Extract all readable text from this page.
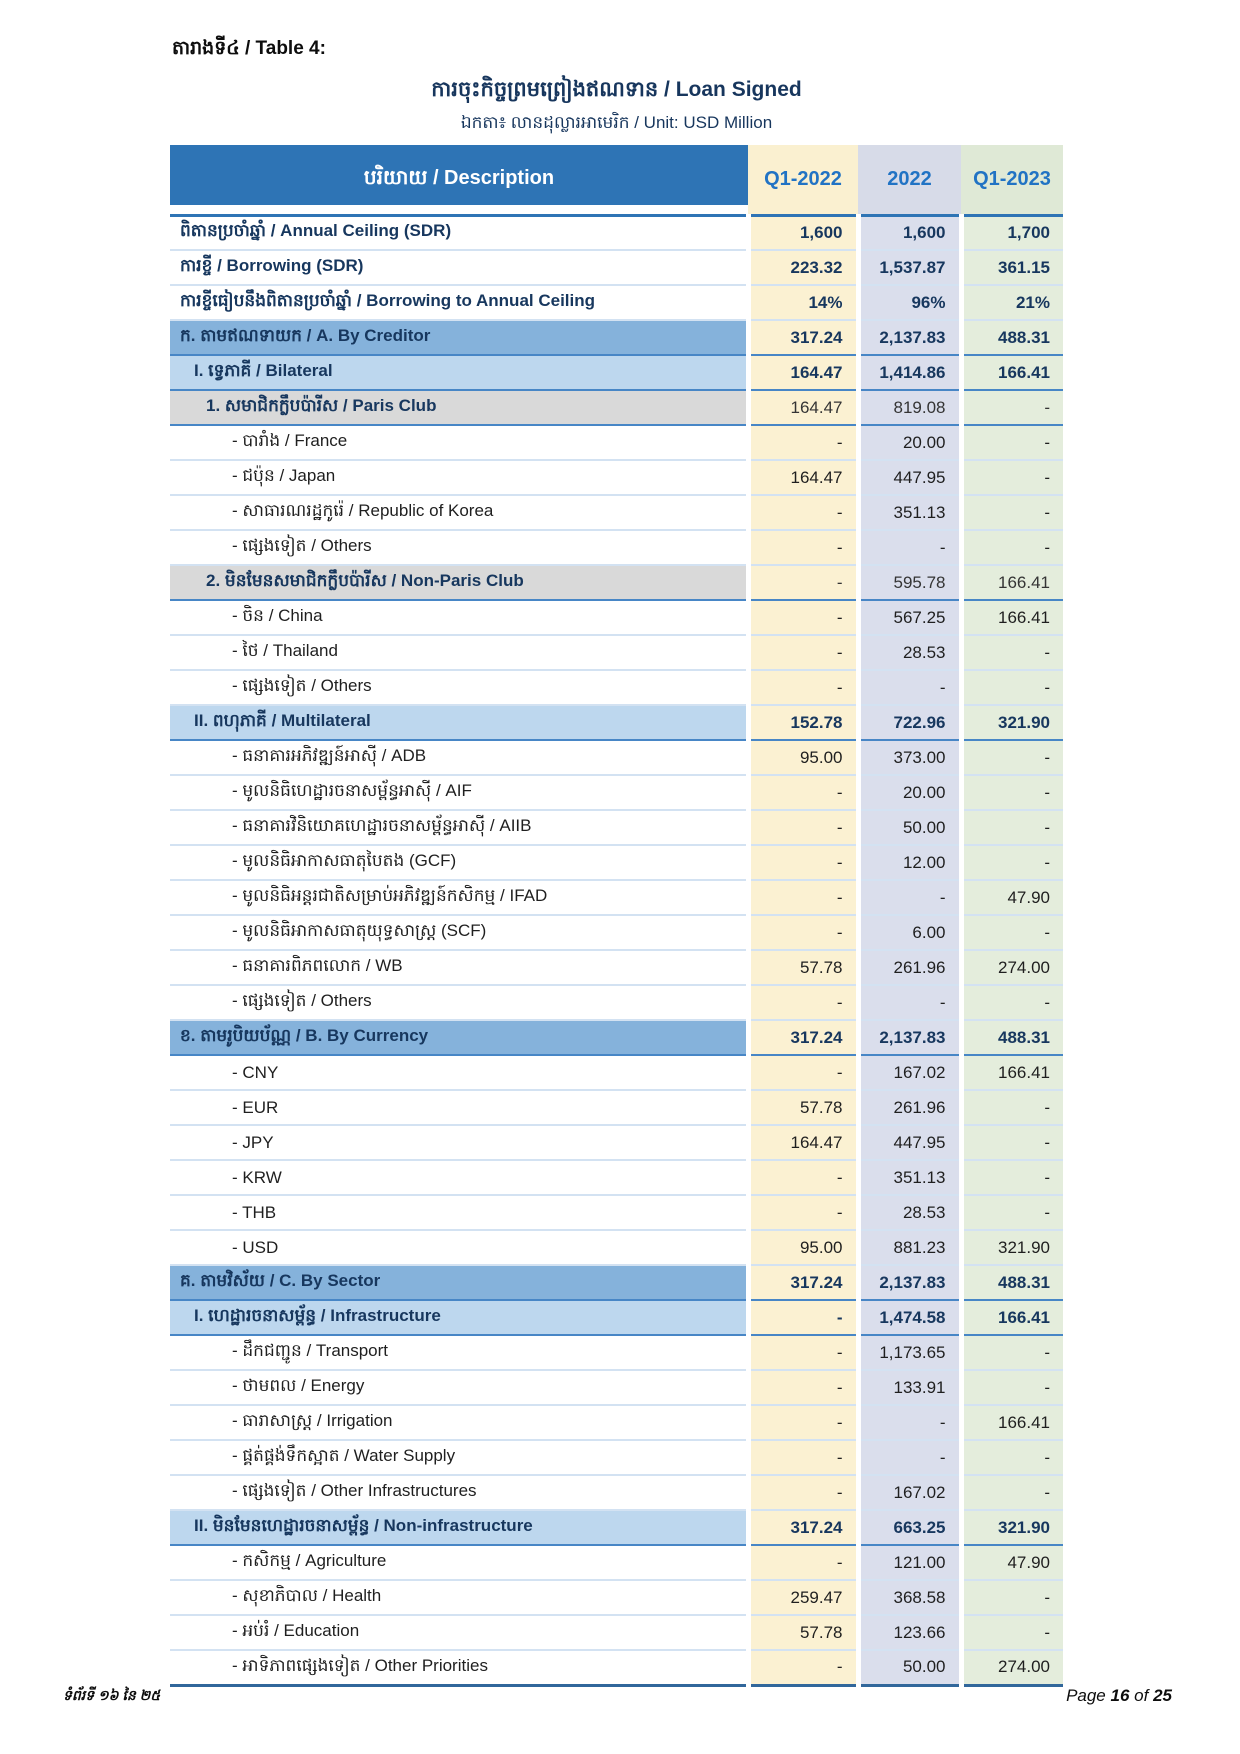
តារាងទី៤ / Table 4:
ការចុះកិច្ចព្រមព្រៀងឥណទាន / Loan Signed
ឯកតា៖ លានដុល្លារអាមេរិក / Unit: USD Million
បរិយាយ / Description	Q1-2022	2022	Q1-2023
ពិតានប្រចាំឆ្នាំ / Annual Ceiling (SDR)	1,600	1,600	1,700
ការខ្ចី / Borrowing (SDR)	223.32	1,537.87	361.15
ការខ្ចីធៀបនឹងពិតានប្រចាំឆ្នាំ / Borrowing to Annual Ceiling	14%	96%	21%
ក. តាមឥណទាយក / A. By Creditor	317.24	2,137.83	488.31
I. ទ្វេភាគី / Bilateral	164.47	1,414.86	166.41
1. សមាជិកក្លឹបប៉ារីស / Paris Club	164.47	819.08	-
- បារាំង / France	-	20.00	-
- ជប៉ុន / Japan	164.47	447.95	-
- សាធារណរដ្ឋកូរ៉េ / Republic of Korea	-	351.13	-
- ផ្សេងទៀត / Others	-	-	-
2. មិនមែនសមាជិកក្លឹបប៉ារីស / Non-Paris Club	-	595.78	166.41
- ចិន / China	-	567.25	166.41
- ថៃ / Thailand	-	28.53	-
- ផ្សេងទៀត / Others	-	-	-
II. ពហុភាគី / Multilateral	152.78	722.96	321.90
- ធនាគារអភិវឌ្ឍន៍អាស៊ី / ADB	95.00	373.00	-
- មូលនិធិហេដ្ឋារចនាសម្ព័ន្ធអាស៊ី / AIF	-	20.00	-
- ធនាគារវិនិយោគហេដ្ឋារចនាសម្ព័ន្ធអាស៊ី / AIIB	-	50.00	-
- មូលនិធិអាកាសធាតុបៃតង (GCF)	-	12.00	-
- មូលនិធិអន្តរជាតិសម្រាប់អភិវឌ្ឍន៍កសិកម្ម / IFAD	-	-	47.90
- មូលនិធិអាកាសធាតុយុទ្ធសាស្ត្រ (SCF)	-	6.00	-
- ធនាគារពិភពលោក / WB	57.78	261.96	274.00
- ផ្សេងទៀត / Others	-	-	-
ខ. តាមរូបិយប័ណ្ណ / B. By Currency	317.24	2,137.83	488.31
- CNY	-	167.02	166.41
- EUR	57.78	261.96	-
- JPY	164.47	447.95	-
- KRW	-	351.13	-
- THB	-	28.53	-
- USD	95.00	881.23	321.90
គ. តាមវិស័យ / C. By Sector	317.24	2,137.83	488.31
I. ហេដ្ឋារចនាសម្ព័ន្ធ / Infrastructure	-	1,474.58	166.41
- ដឹកជញ្ជូន / Transport	-	1,173.65	-
- ថាមពល / Energy	-	133.91	-
- ធារាសាស្ត្រ / Irrigation	-	-	166.41
- ផ្គត់ផ្គង់ទឹកស្អាត / Water Supply	-	-	-
- ផ្សេងទៀត / Other Infrastructures	-	167.02	-
II. មិនមែនហេដ្ឋារចនាសម្ព័ន្ធ / Non-infrastructure	317.24	663.25	321.90
- កសិកម្ម / Agriculture	-	121.00	47.90
- សុខាភិបាល / Health	259.47	368.58	-
- អប់រំ / Education	57.78	123.66	-
- អាទិភាពផ្សេងទៀត / Other Priorities	-	50.00	274.00
ទំព័រទី ១៦ នៃ ២៥	Page 16 of 25
